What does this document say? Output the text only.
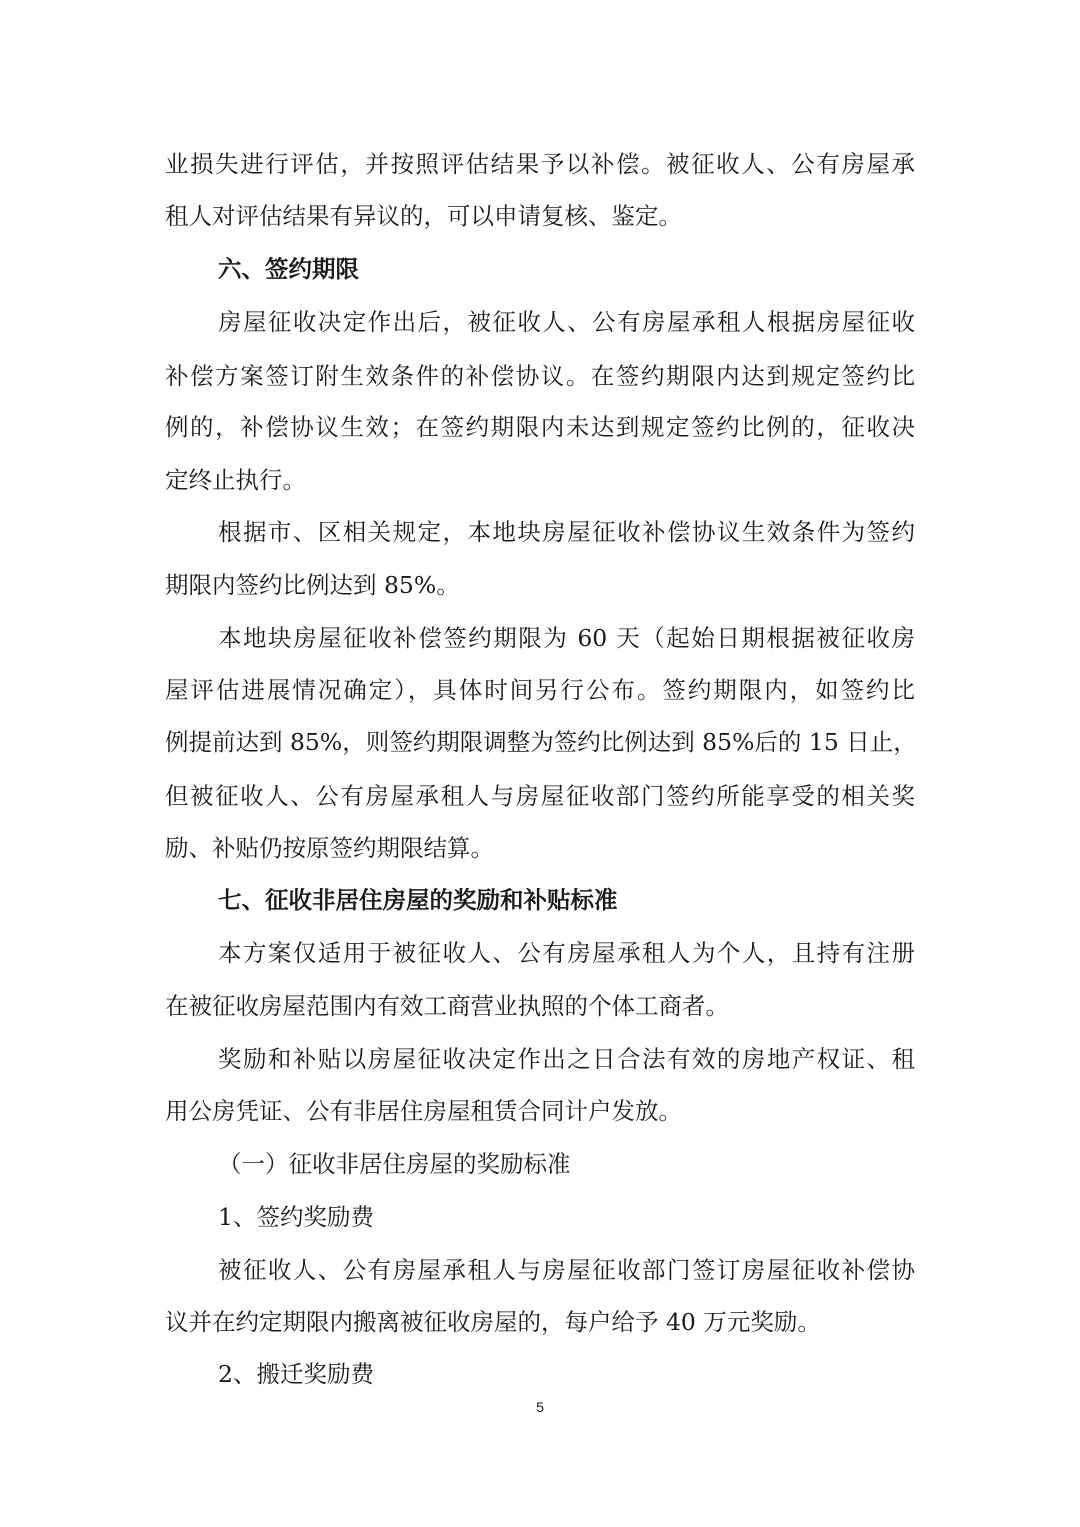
业损失进行评估，并按照评估结果予以补偿。被征收人、公有房屋承
租人对评估结果有异议的，可以申请复核、鉴定。
六、签约期限
房屋征收决定作出后，被征收人、公有房屋承租人根据房屋征收
补偿方案签订附生效条件的补偿协议。在签约期限内达到规定签约比
例的，补偿协议生效；在签约期限内未达到规定签约比例的，征收决
定终止执行。
根据市、区相关规定，本地块房屋征收补偿协议生效条件为签约
期限内签约比例达到 85%。
本地块房屋征收补偿签约期限为 60 天（起始日期根据被征收房
屋评估进展情况确定），具体时间另行公布。签约期限内，如签约比
例提前达到 85%，则签约期限调整为签约比例达到 85%后的 15 日止，
但被征收人、公有房屋承租人与房屋征收部门签约所能享受的相关奖
励、补贴仍按原签约期限结算。
七、征收非居住房屋的奖励和补贴标准
本方案仅适用于被征收人、公有房屋承租人为个人，且持有注册
在被征收房屋范围内有效工商营业执照的个体工商者。
奖励和补贴以房屋征收决定作出之日合法有效的房地产权证、租
用公房凭证、公有非居住房屋租赁合同计户发放。
（一）征收非居住房屋的奖励标准
1、签约奖励费
被征收人、公有房屋承租人与房屋征收部门签订房屋征收补偿协
议并在约定期限内搬离被征收房屋的，每户给予 40 万元奖励。
2、搬迁奖励费
5
